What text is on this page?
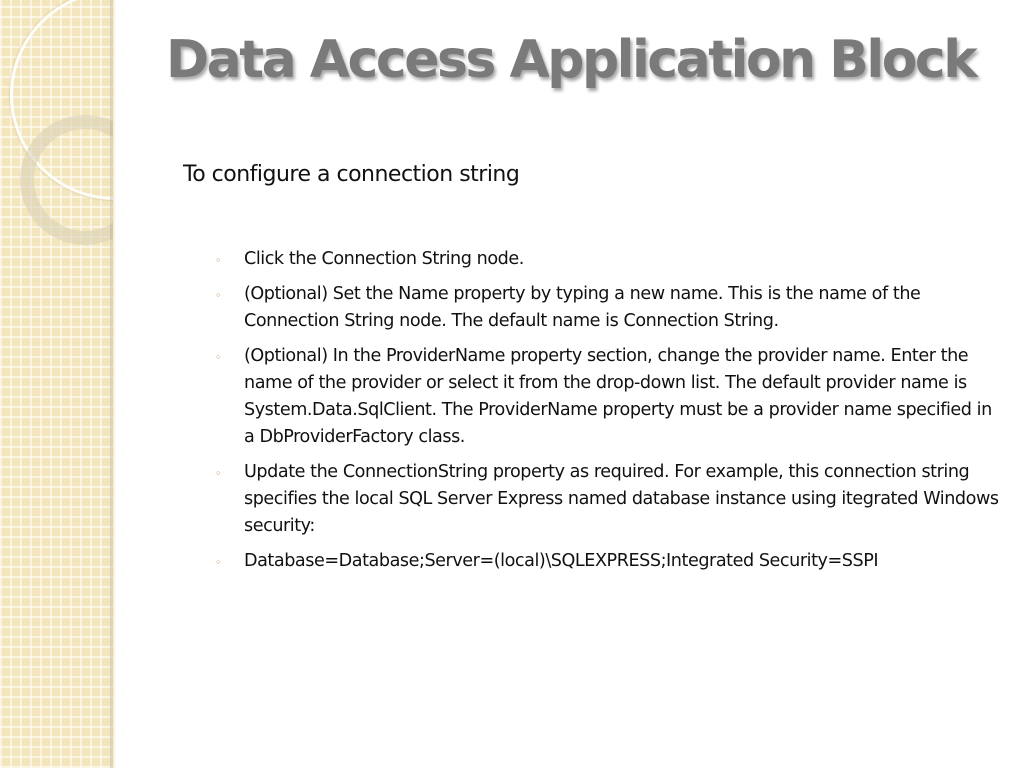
Data Access Application Block
To configure a connection string
◦ Click the Connection String node.
◦ (Optional) Set the Name property by typing a new name. This is the name of the Connection String node. The default name is Connection String.
◦ (Optional) In the ProviderName property section, change the provider name. Enter the name of the provider or select it from the drop-down list. The default provider name is System.Data.SqlClient. The ProviderName property must be a provider name specified in a DbProviderFactory class.
◦ Update the ConnectionString property as required. For example, this connection string specifies the local SQL Server Express named database instance using itegrated Windows security:
◦ Database=Database;Server=(local)\SQLEXPRESS;Integrated Security=SSPI
